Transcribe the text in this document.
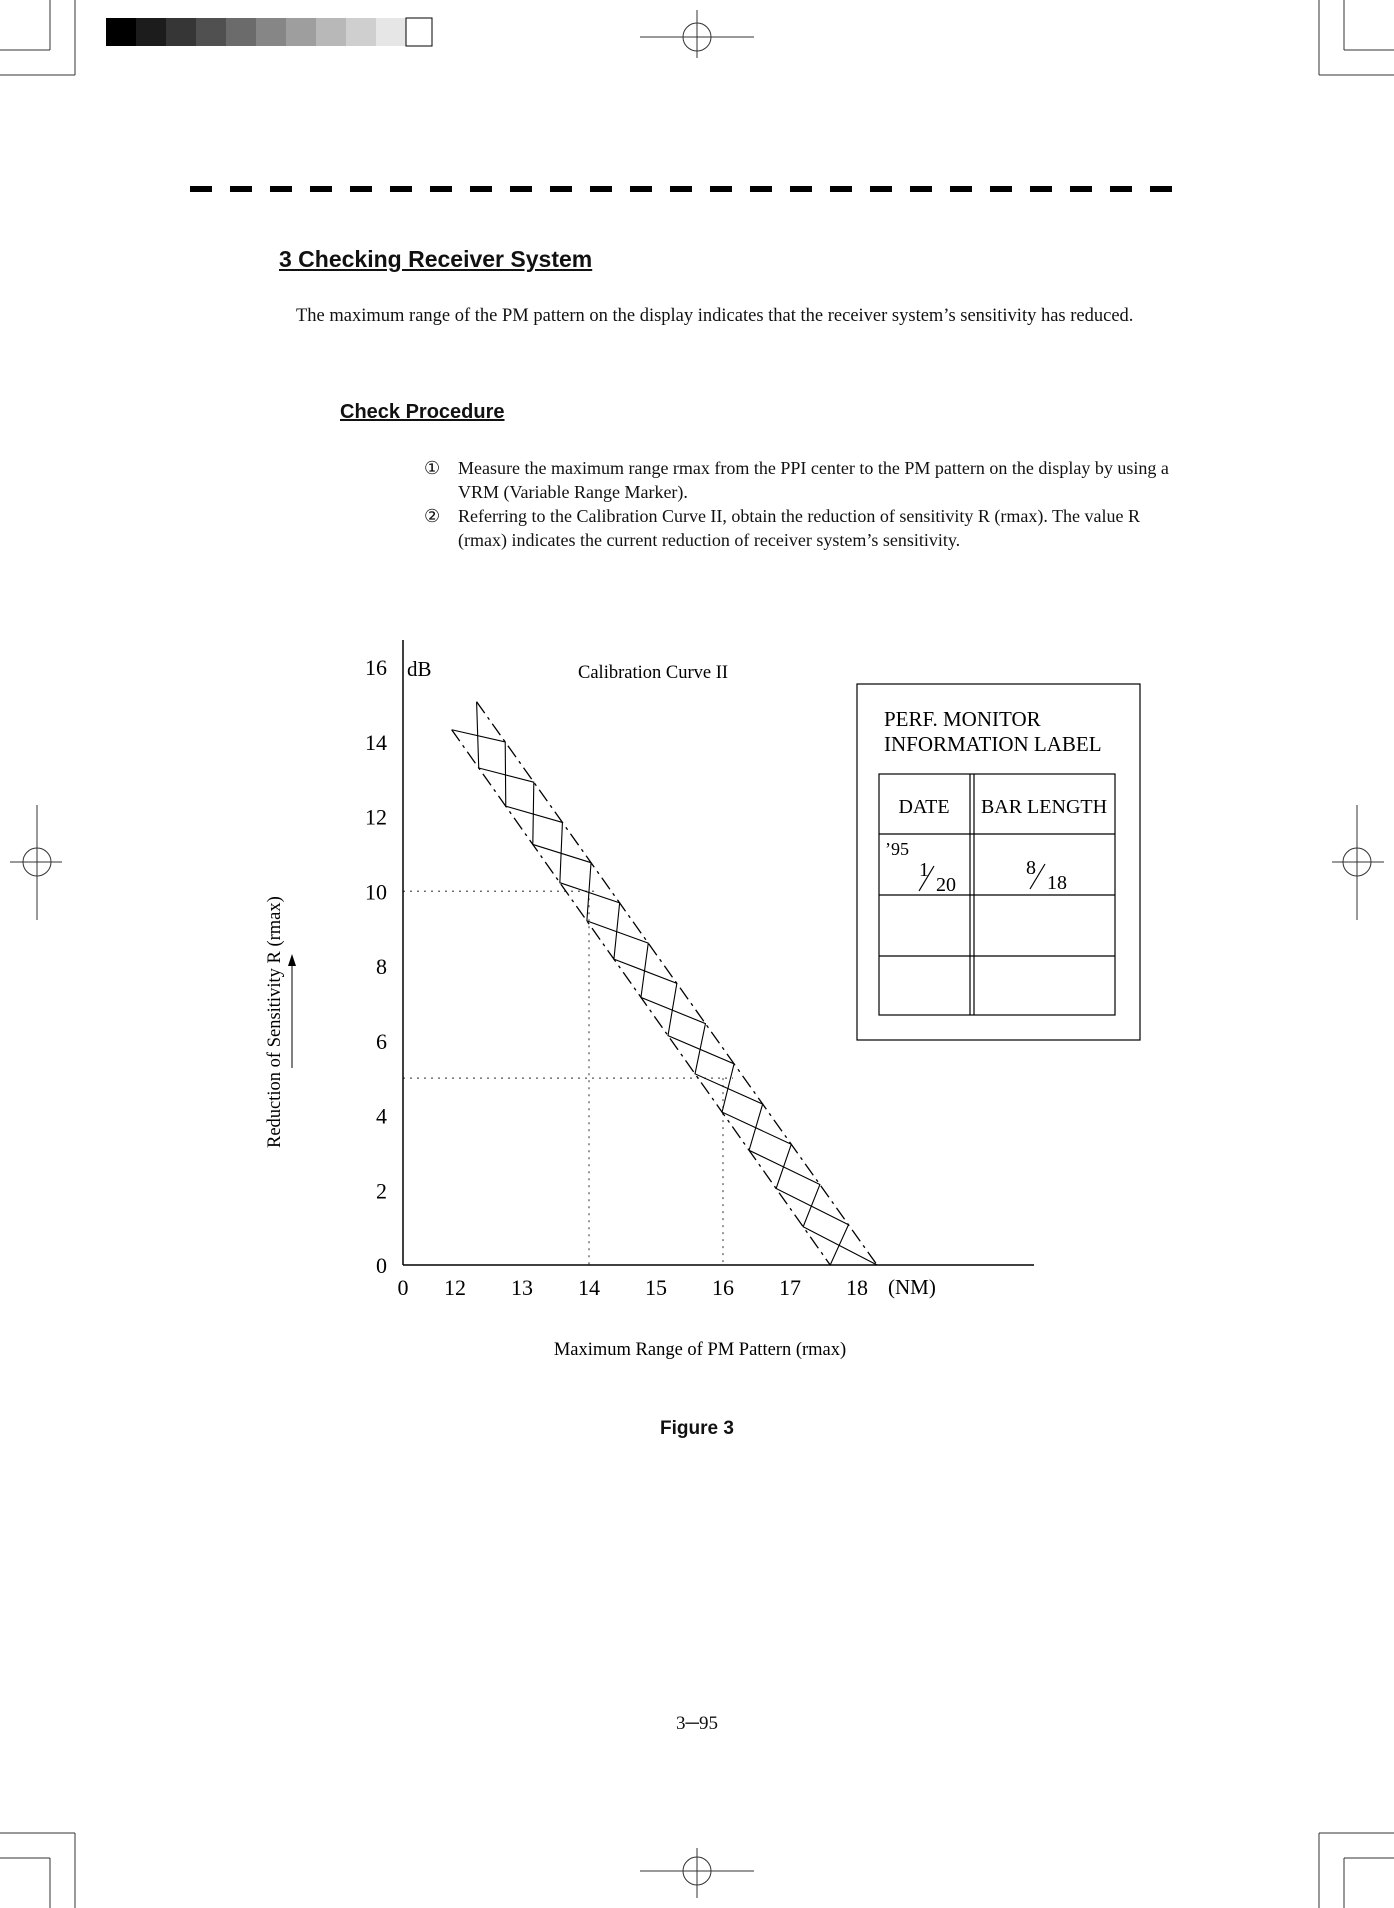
3 Checking Receiver System
The maximum range of the PM pattern on the display indicates that the receiver system’s sensitivity has reduced.
Check Procedure
① Measure the maximum range rmax from the PPI center to the PM pattern on the display by using a VRM (Variable Range Marker).
② Referring to the Calibration Curve II, obtain the reduction of sensitivity R (rmax). The value R (rmax) indicates the current reduction of receiver system’s sensitivity.
0
2
4
6
8
10
12
14
16
0 12 13 14 15 16 17 18
dB
(NM)
Calibration Curve II
Maximum Range of PM Pattern (rmax)
Reduction of Sensitivity R (rmax)
PERF. MONITOR
INFORMATION LABEL
DATE BAR LENGTH
’95
1
20
8
18
Figure 3
3─95
